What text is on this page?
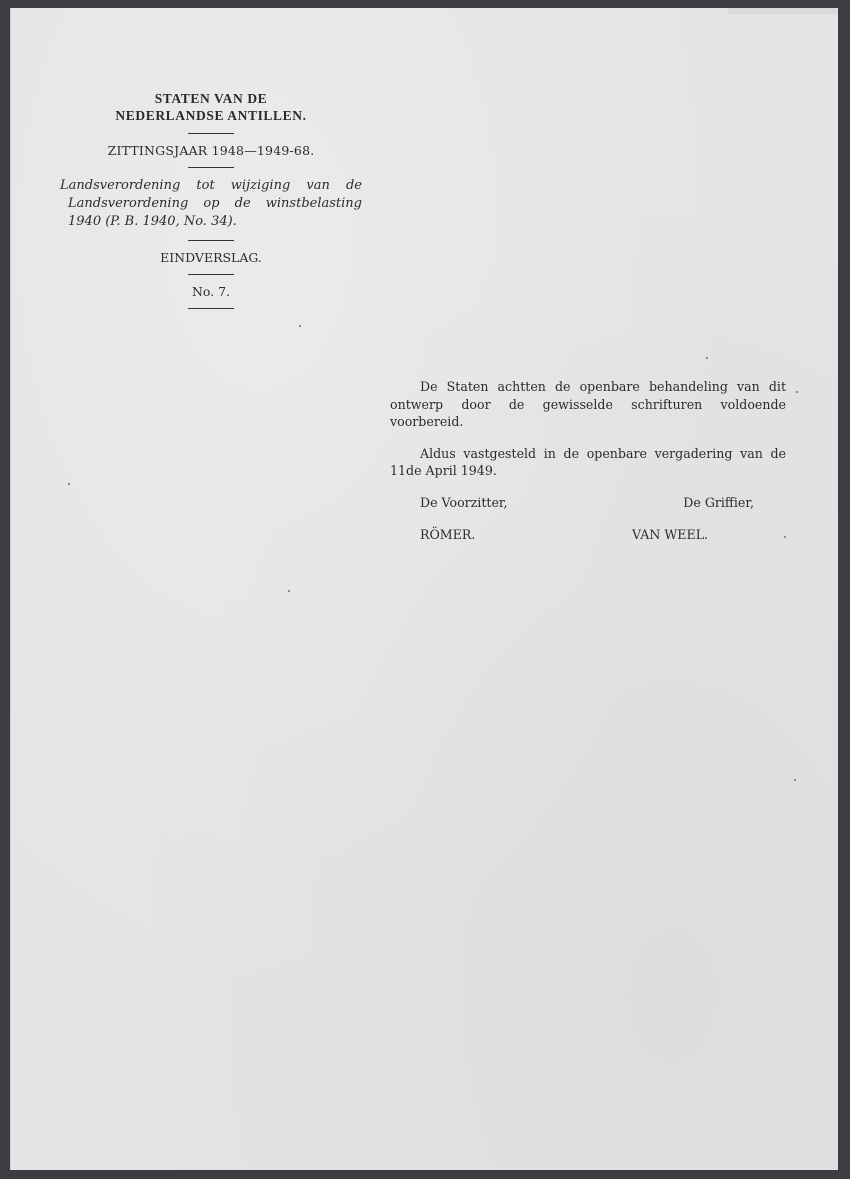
STATEN VAN DE

NEDERLANDSE ANTILLEN.

ZITTINGSJAAR 1948—1949-68.

Landsverordening tot wijziging van de
Landsverordening op de winstbelasting
1940 (P. B. 1940, No. 34).

EINDVERSLAG.

No. 7.

De Staten achtten de openbare behandeling van dit ontwerp door de gewisselde schrifturen voldoende voorbereid.

Aldus vastgesteld in de openbare vergadering van de 11de April 1949.

De Voorzitter,	De Griffier,
RÖMER.	VAN WEEL.
